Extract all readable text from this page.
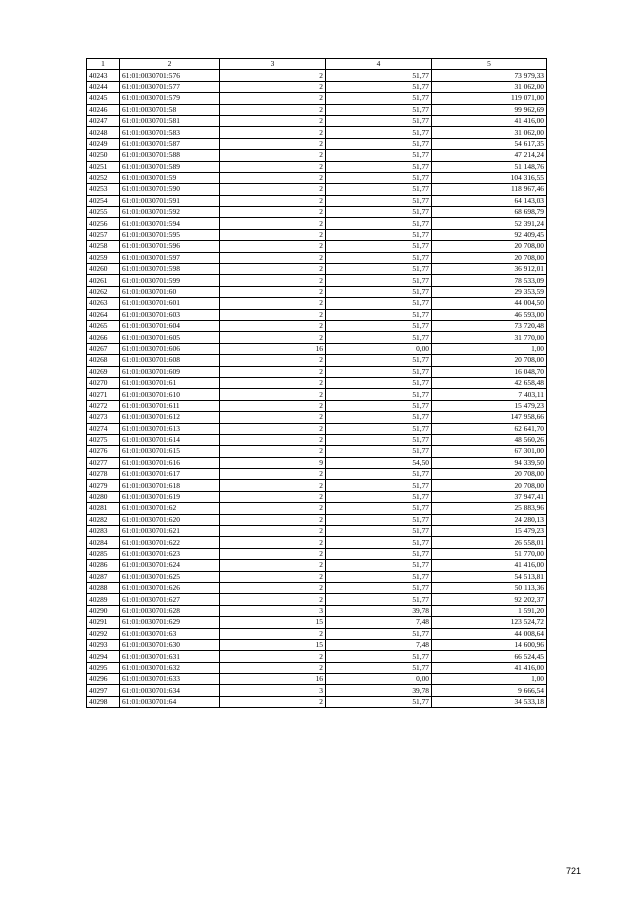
1	2	3	4	5
40243	61:01:0030701:576	2	51,77	73 979,33
40244	61:01:0030701:577	2	51,77	31 062,00
40245	61:01:0030701:579	2	51,77	119 071,00
40246	61:01:0030701:58	2	51,77	99 962,69
40247	61:01:0030701:581	2	51,77	41 416,00
40248	61:01:0030701:583	2	51,77	31 062,00
40249	61:01:0030701:587	2	51,77	54 617,35
40250	61:01:0030701:588	2	51,77	47 214,24
40251	61:01:0030701:589	2	51,77	51 148,76
40252	61:01:0030701:59	2	51,77	104 316,55
40253	61:01:0030701:590	2	51,77	118 967,46
40254	61:01:0030701:591	2	51,77	64 143,03
40255	61:01:0030701:592	2	51,77	68 698,79
40256	61:01:0030701:594	2	51,77	52 391,24
40257	61:01:0030701:595	2	51,77	92 409,45
40258	61:01:0030701:596	2	51,77	20 708,00
40259	61:01:0030701:597	2	51,77	20 708,00
40260	61:01:0030701:598	2	51,77	36 912,01
40261	61:01:0030701:599	2	51,77	78 533,09
40262	61:01:0030701:60	2	51,77	29 353,59
40263	61:01:0030701:601	2	51,77	44 004,50
40264	61:01:0030701:603	2	51,77	46 593,00
40265	61:01:0030701:604	2	51,77	73 720,48
40266	61:01:0030701:605	2	51,77	31 770,00
40267	61:01:0030701:606	16	0,00	1,00
40268	61:01:0030701:608	2	51,77	20 708,00
40269	61:01:0030701:609	2	51,77	16 048,70
40270	61:01:0030701:61	2	51,77	42 658,48
40271	61:01:0030701:610	2	51,77	7 403,11
40272	61:01:0030701:611	2	51,77	15 479,23
40273	61:01:0030701:612	2	51,77	147 958,66
40274	61:01:0030701:613	2	51,77	62 641,70
40275	61:01:0030701:614	2	51,77	48 560,26
40276	61:01:0030701:615	2	51,77	67 301,00
40277	61:01:0030701:616	9	54,50	94 339,50
40278	61:01:0030701:617	2	51,77	20 708,00
40279	61:01:0030701:618	2	51,77	20 708,00
40280	61:01:0030701:619	2	51,77	37 947,41
40281	61:01:0030701:62	2	51,77	25 883,96
40282	61:01:0030701:620	2	51,77	24 280,13
40283	61:01:0030701:621	2	51,77	15 479,23
40284	61:01:0030701:622	2	51,77	26 558,01
40285	61:01:0030701:623	2	51,77	51 770,00
40286	61:01:0030701:624	2	51,77	41 416,00
40287	61:01:0030701:625	2	51,77	54 513,81
40288	61:01:0030701:626	2	51,77	50 113,36
40289	61:01:0030701:627	2	51,77	92 202,37
40290	61:01:0030701:628	3	39,78	1 591,20
40291	61:01:0030701:629	15	7,48	123 524,72
40292	61:01:0030701:63	2	51,77	44 008,64
40293	61:01:0030701:630	15	7,48	14 600,96
40294	61:01:0030701:631	2	51,77	66 524,45
40295	61:01:0030701:632	2	51,77	41 416,00
40296	61:01:0030701:633	16	0,00	1,00
40297	61:01:0030701:634	3	39,78	9 666,54
40298	61:01:0030701:64	2	51,77	34 533,18
721
